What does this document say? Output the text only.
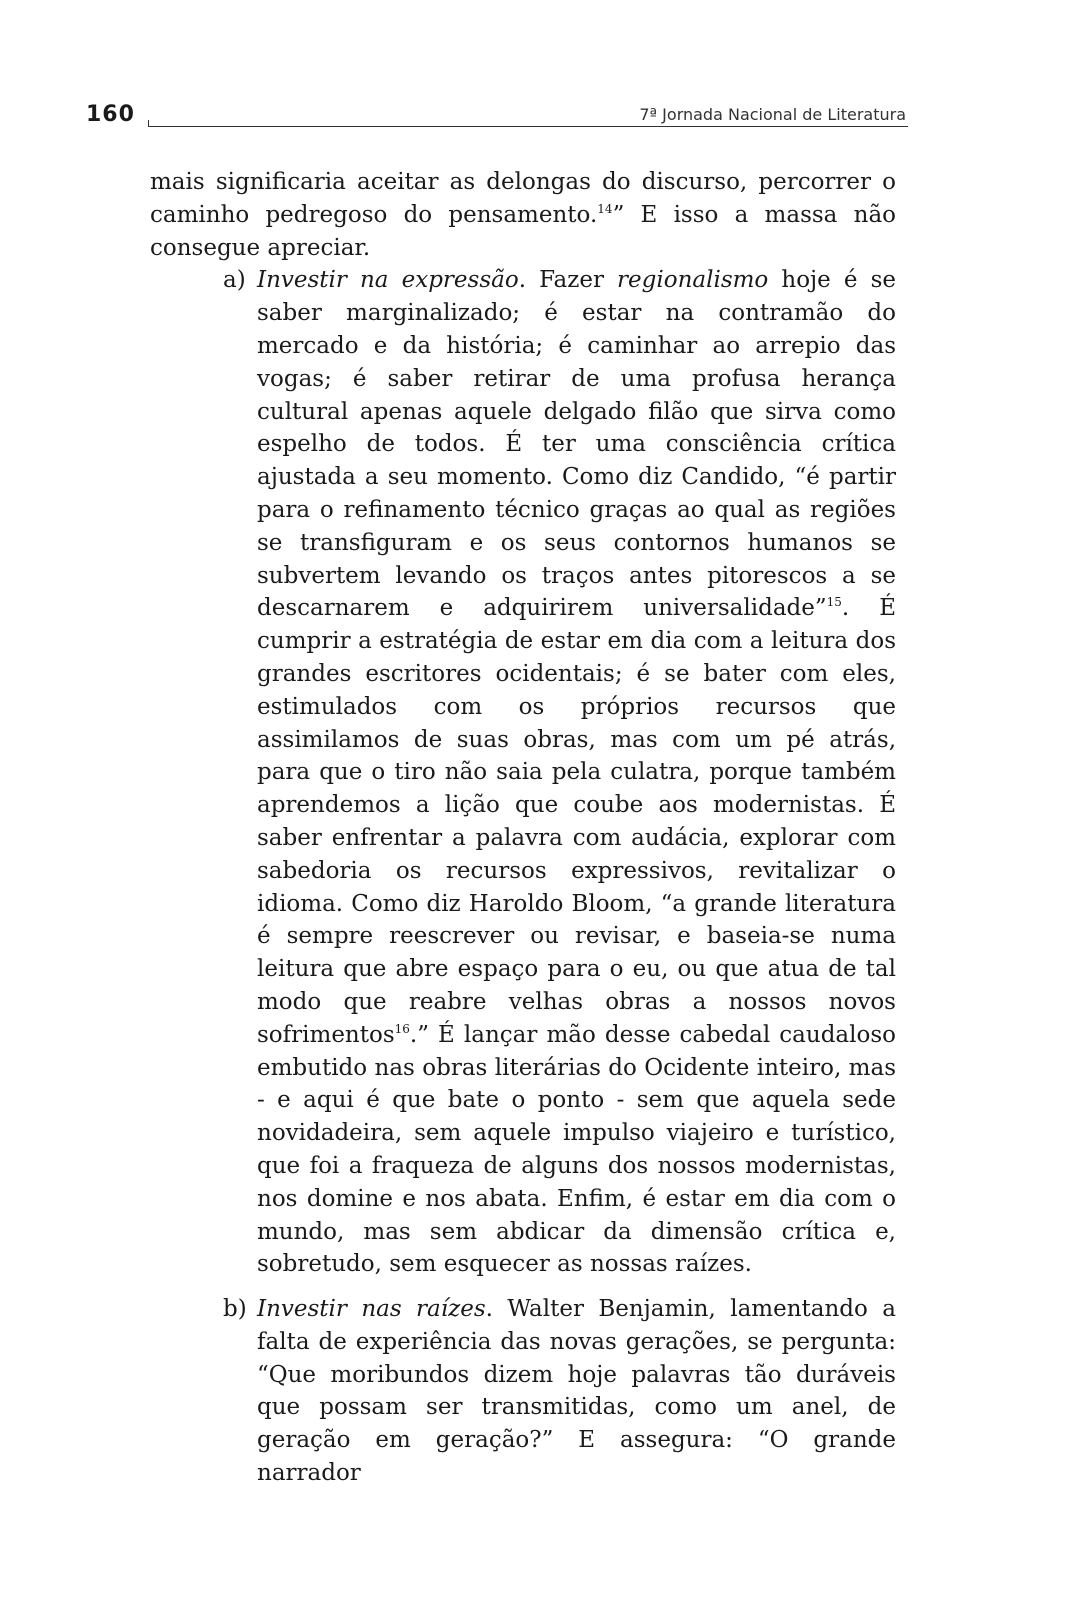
160	7ª Jornada Nacional de Literatura

mais significaria aceitar as delongas do discurso, percorrer o caminho pedregoso do pensamento.$^{14}$” E isso a massa não consegue apreciar.

a) Investir na expressão. Fazer regionalismo hoje é se saber marginalizado; é estar na contramão do mercado e da história; é caminhar ao arrepio das vogas; é saber retirar de uma profusa herança cultural apenas aquele delgado filão que sirva como espelho de todos. É ter uma consciência crítica ajustada a seu momento. Como diz Candido, “é partir para o refinamento técnico graças ao qual as regiões se transfiguram e os seus contornos humanos se subvertem levando os traços antes pitorescos a se descarnarem e adquirirem universalidade”$^{15}$. É cumprir a estratégia de estar em dia com a leitura dos grandes escritores ocidentais; é se bater com eles, estimulados com os próprios recursos que assimilamos de suas obras, mas com um pé atrás, para que o tiro não saia pela culatra, porque também aprendemos a lição que coube aos modernistas. É saber enfrentar a palavra com audácia, explorar com sabedoria os recursos expressivos, revitalizar o idioma. Como diz Haroldo Bloom, “a grande literatura é sempre reescrever ou revisar, e baseia-se numa leitura que abre espaço para o eu, ou que atua de tal modo que reabre velhas obras a nossos novos sofrimentos$^{16}$.” É lançar mão desse cabedal caudaloso embutido nas obras literárias do Ocidente inteiro, mas - e aqui é que bate o ponto - sem que aquela sede novidadeira, sem aquele impulso viajeiro e turístico, que foi a fraqueza de alguns dos nossos modernistas, nos domine e nos abata. Enfim, é estar em dia com o mundo, mas sem abdicar da dimensão crítica e, sobretudo, sem esquecer as nossas raízes.

b) Investir nas raízes. Walter Benjamin, lamentando a falta de experiência das novas gerações, se pergunta: “Que moribundos dizem hoje palavras tão duráveis que possam ser transmitidas, como um anel, de geração em geração?” E assegura: “O grande narrador
